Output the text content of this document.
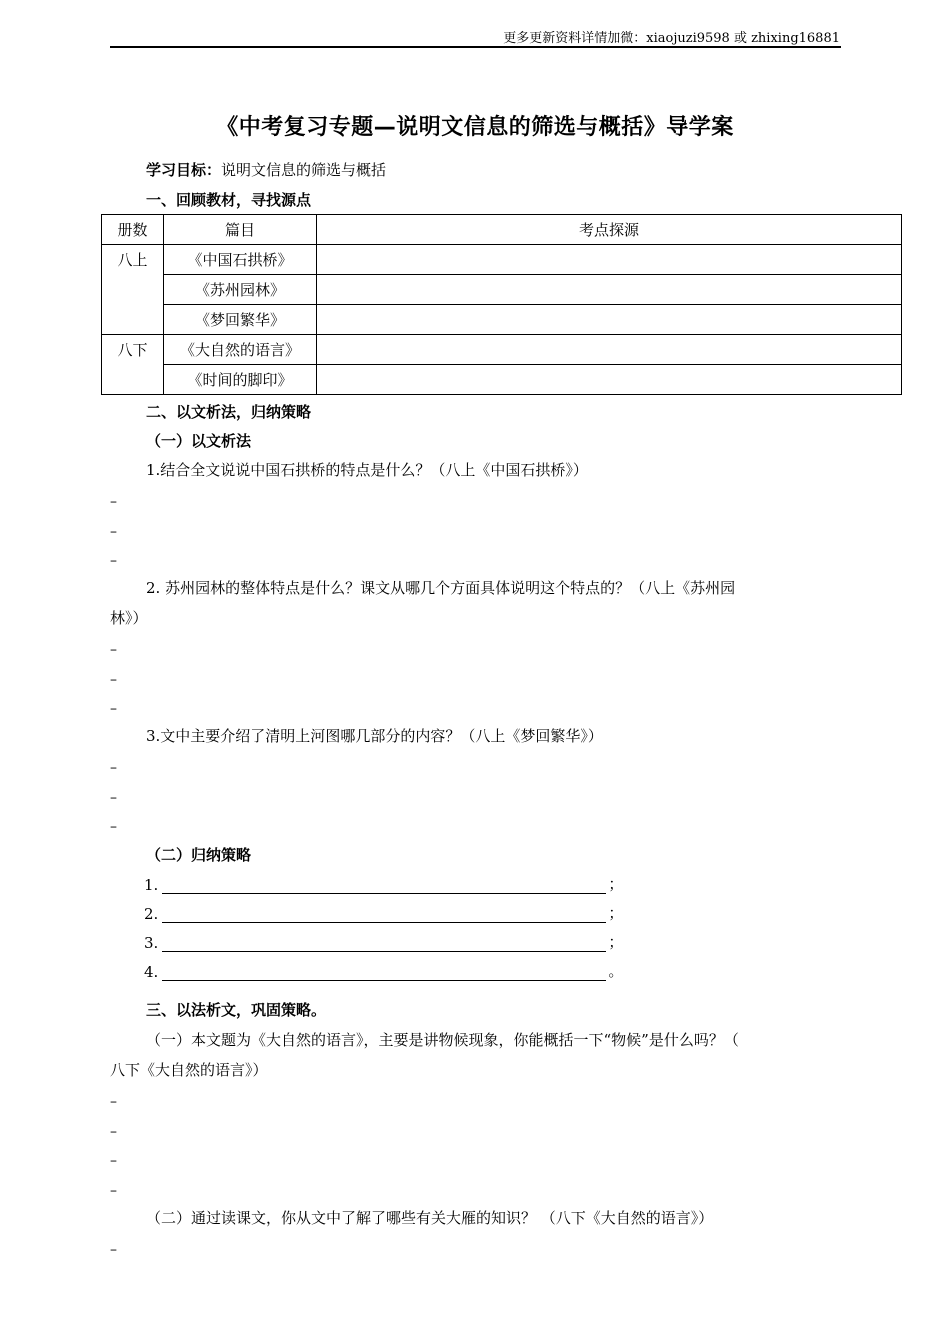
更多更新资料详情加微：xiaojuzi9598 或 zhixing16881
《中考复习专题—说明文信息的筛选与概括》导学案
学习目标：说明文信息的筛选与概括
一、回顾教材，寻找源点
册数	篇目	考点探源
八上	《中国石拱桥》	
	《苏州园林》	
	《梦回繁华》	
八下	《大自然的语言》	
	《时间的脚印》	
二、以文析法，归纳策略
（一）以文析法
1.结合全文说说中国石拱桥的特点是什么？（八上《中国石拱桥》）
–
–
–
2. 苏州园林的整体特点是什么？课文从哪几个方面具体说明这个特点的？（八上《苏州园
林》）
–
–
–
3.文中主要介绍了清明上河图哪几部分的内容？（八上《梦回繁华》）
–
–
–
（二）归纳策略
1.	；
2.	；
3.	；
4.	。
三、以法析文，巩固策略。
（一）本文题为《大自然的语言》，主要是讲物候现象，你能概括一下“物候”是什么吗？（
八下《大自然的语言》）
–
–
–
–
（二）通过读课文，你从文中了解了哪些有关大雁的知识？ （八下《大自然的语言》）
–
